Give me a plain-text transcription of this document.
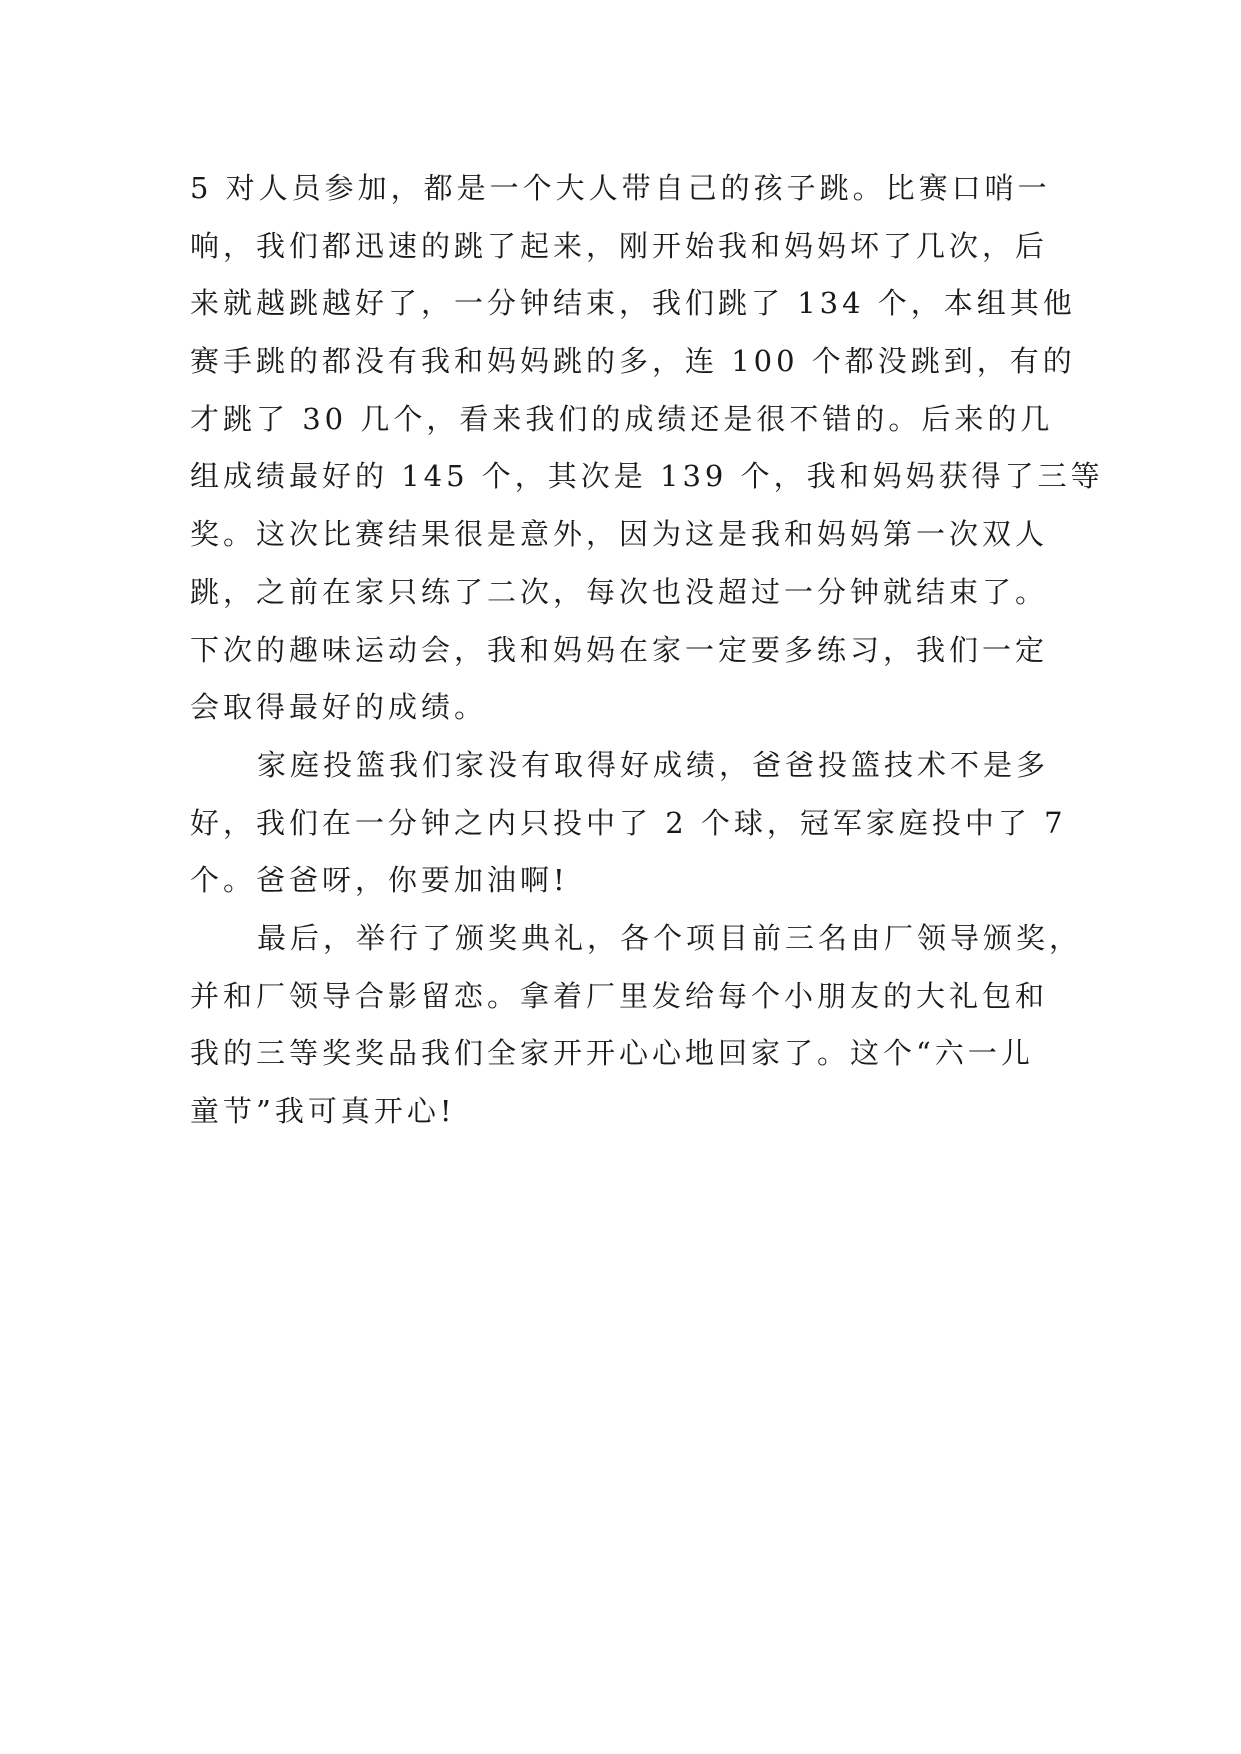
5 对人员参加，都是一个大人带自己的孩子跳。比赛口哨一
响，我们都迅速的跳了起来，刚开始我和妈妈坏了几次，后
来就越跳越好了，一分钟结束，我们跳了 134 个，本组其他
赛手跳的都没有我和妈妈跳的多，连 100 个都没跳到，有的
才跳了 30 几个，看来我们的成绩还是很不错的。后来的几
组成绩最好的 145 个，其次是 139 个，我和妈妈获得了三等
奖。这次比赛结果很是意外，因为这是我和妈妈第一次双人
跳，之前在家只练了二次，每次也没超过一分钟就结束了。
下次的趣味运动会，我和妈妈在家一定要多练习，我们一定
会取得最好的成绩。
家庭投篮我们家没有取得好成绩，爸爸投篮技术不是多
好，我们在一分钟之内只投中了 2 个球，冠军家庭投中了 7
个。爸爸呀，你要加油啊!
最后，举行了颁奖典礼，各个项目前三名由厂领导颁奖，
并和厂领导合影留恋。拿着厂里发给每个小朋友的大礼包和
我的三等奖奖品我们全家开开心心地回家了。这个“六一儿
童节”我可真开心!
